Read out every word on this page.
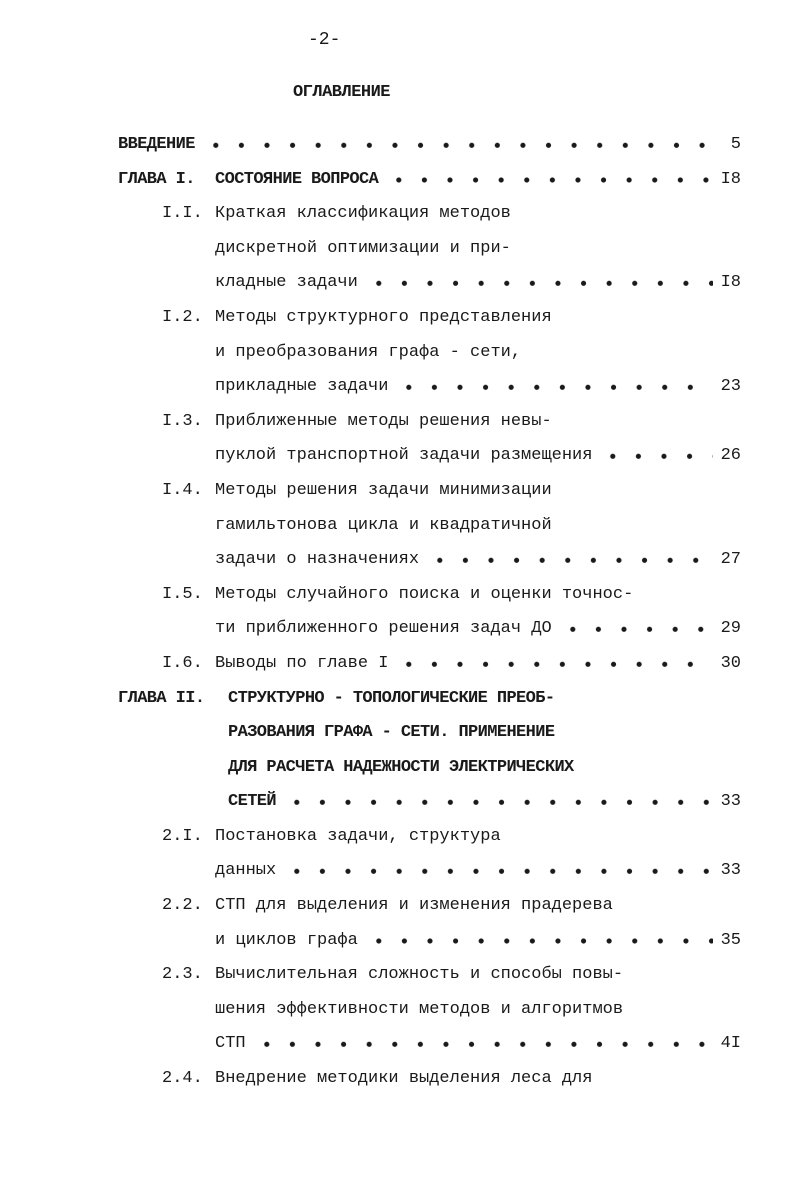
-2-
ОГЛАВЛЕНИЕ
ВВЕДЕНИЕ	5
ГЛАВА I. СОСТОЯНИЕ ВОПРОСА	I8
I.I. Краткая классификация методов
дискретной оптимизации и при-
кладные задачи	I8
I.2. Методы структурного представления
и преобразования графа - сети,
прикладные задачи	23
I.3. Приближенные методы решения невы-
пуклой транспортной задачи размещения	26
I.4. Методы решения задачи минимизации
гамильтонова цикла и квадратичной
задачи о назначениях	27
I.5. Методы случайного поиска и оценки точнос-
ти приближенного решения задач ДО	29
I.6. Выводы по главе I	30
ГЛАВА II. СТРУКТУРНО - ТОПОЛОГИЧЕСКИЕ ПРЕОБ-
РАЗОВАНИЯ ГРАФА - СЕТИ. ПРИМЕНЕНИЕ
ДЛЯ РАСЧЕТА НАДЕЖНОСТИ ЭЛЕКТРИЧЕСКИХ
СЕТЕЙ	33
2.I. Постановка задачи, структура
данных	33
2.2. СТП для выделения и изменения прадерева
и циклов графа	35
2.3. Вычислительная сложность и способы повы-
шения эффективности методов и алгоритмов
СТП	4I
2.4. Внедрение методики выделения леса для
